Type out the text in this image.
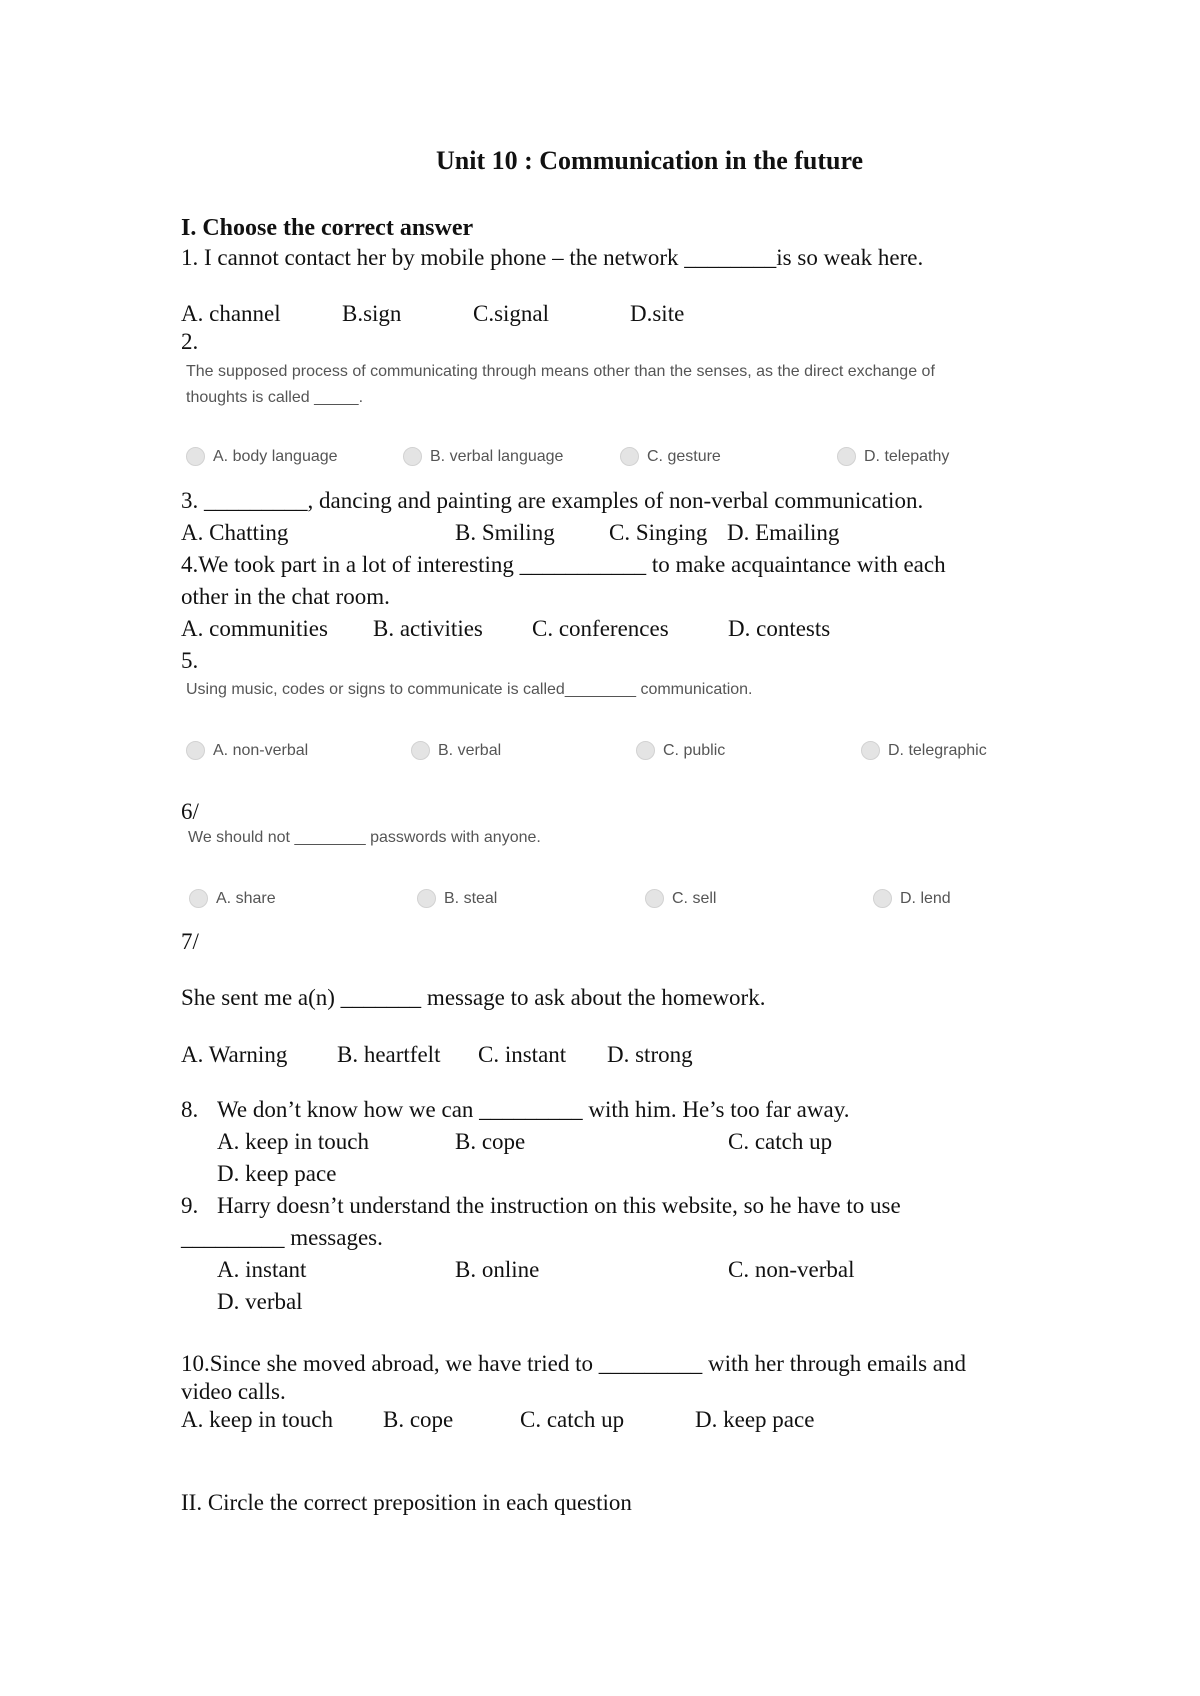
Unit 10 : Communication in the future
I. Choose the correct answer
1. I cannot contact her by mobile phone – the network ________is so weak here.
A. channel	B.sign	C.signal	D.site
2.
The supposed process of communicating through means other than the senses, as the direct exchange of
thoughts is called _____.
A. body language	B. verbal language	C. gesture	D. telepathy
3. _________, dancing and painting are examples of non-verbal communication.
A. Chatting	B. Smiling C. Singing D. Emailing
4.We took part in a lot of interesting ___________ to make acquaintance with each
other in the chat room.
A. communities B. activities C. conferences	D. contests
5.
Using music, codes or signs to communicate is called________ communication.
A. non-verbal	B. verbal	C. public	D. telegraphic
6/
We should not ________ passwords with anyone.
A. share	B. steal	C. sell	D. lend
7/
She sent me a(n) _______ message to ask about the homework.
A. Warning B. heartfelt C. instant D. strong
8. We don’t know how we can _________ with him. He’s too far away.
A. keep in touch	B. cope	C. catch up
D. keep pace
9. Harry doesn’t understand the instruction on this website, so he have to use
_________ messages.
A. instant	B. online	C. non-verbal
D. verbal
10.Since she moved abroad, we have tried to _________ with her through emails and
video calls.
A. keep in touch B. cope	C. catch up	D. keep pace
II. Circle the correct preposition in each question
